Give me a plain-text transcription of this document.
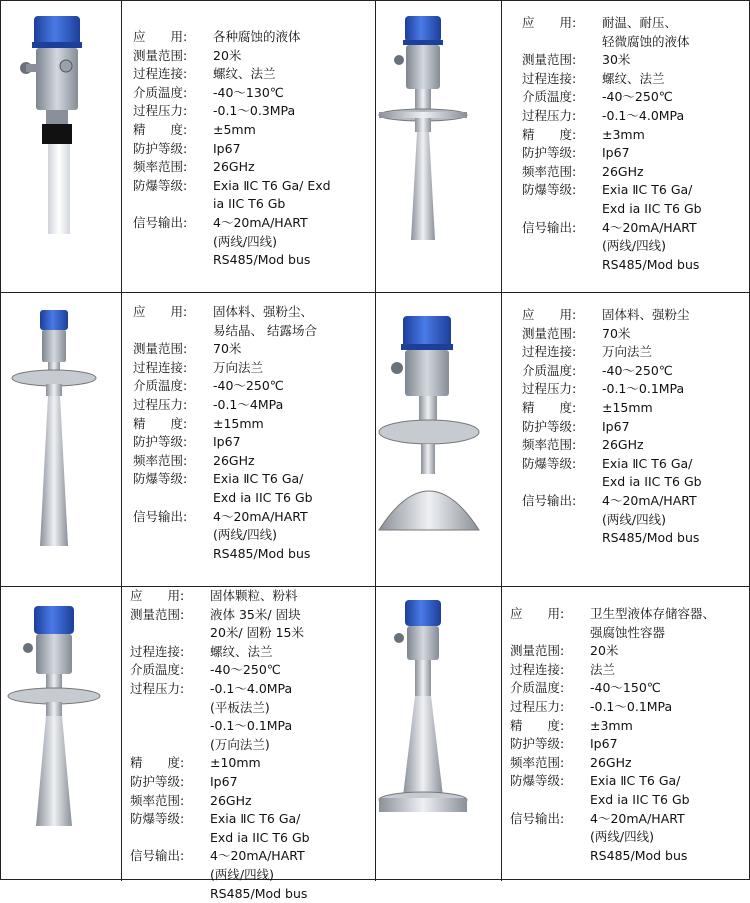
应　　用:	各种腐蚀的液体
测量范围:	20米
过程连接:	螺纹、法兰
介质温度:	-40～130℃
过程压力:	-0.1～0.3MPa
精　　度:	±5mm
防护等级:	Ip67
频率范围:	26GHz
防爆等级:	Exia ⅡC T6 Ga/ Exd
ia IIC T6 Gb
信号输出:	4～20mA/HART
(两线/四线)
RS485/Mod bus
应　　用:	耐温、耐压、
轻微腐蚀的液体
测量范围:	30米
过程连接:	螺纹、法兰
介质温度:	-40～250℃
过程压力:	-0.1～4.0MPa
精　　度:	±3mm
防护等级:	Ip67
频率范围:	26GHz
防爆等级:	Exia ⅡC T6 Ga/
Exd ia IIC T6 Gb
信号输出:	4～20mA/HART
(两线/四线)
RS485/Mod bus
应　　用:	固体料、强粉尘、
易结晶、 结露场合
测量范围:	70米
过程连接:	万向法兰
介质温度:	-40～250℃
过程压力:	-0.1～4MPa
精　　度:	±15mm
防护等级:	Ip67
频率范围:	26GHz
防爆等级:	Exia ⅡC T6 Ga/
Exd ia IIC T6 Gb
信号输出:	4～20mA/HART
(两线/四线)
RS485/Mod bus
应　　用:	固体料、强粉尘
测量范围:	70米
过程连接:	万向法兰
介质温度:	-40～250℃
过程压力:	-0.1～0.1MPa
精　　度:	±15mm
防护等级:	Ip67
频率范围:	26GHz
防爆等级:	Exia ⅡC T6 Ga/
Exd ia IIC T6 Gb
信号输出:	4～20mA/HART
(两线/四线)
RS485/Mod bus
应　　用:	固体颗粒、粉料
测量范围:	液体 35米/ 固块
20米/ 固粉 15米
过程连接:	螺纹、法兰
介质温度:	-40～250℃
过程压力:	-0.1～4.0MPa
(平板法兰)
-0.1～0.1MPa
(万向法兰)
精　　度:	±10mm
防护等级:	Ip67
频率范围:	26GHz
防爆等级:	Exia ⅡC T6 Ga/
Exd ia IIC T6 Gb
信号输出:	4～20mA/HART
(两线/四线)
RS485/Mod bus
应　　用:	卫生型液体存储容器、
强腐蚀性容器
测量范围:	20米
过程连接:	法兰
介质温度:	-40～150℃
过程压力:	-0.1～0.1MPa
精　　度:	±3mm
防护等级:	Ip67
频率范围:	26GHz
防爆等级:	Exia ⅡC T6 Ga/
Exd ia IIC T6 Gb
信号输出:	4～20mA/HART
(两线/四线)
RS485/Mod bus
